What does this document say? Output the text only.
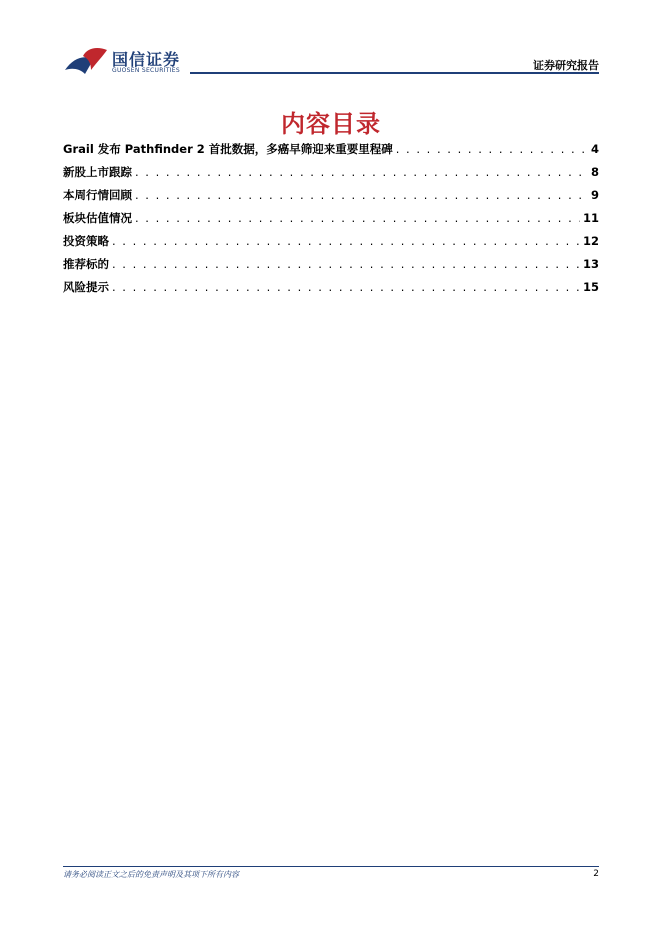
国信证券
GUOSEN SECURITIES	证券研究报告
内容目录
Grail 发布 Pathfinder 2 首批数据，多癌早筛迎来重要里程碑 . . .	4
新股上市跟踪 . . .	8
本周行情回顾 . . .	9
板块估值情况 . . .	11
投资策略 . . .	12
推荐标的 . . .	13
风险提示 . . .	15
请务必阅读正文之后的免责声明及其项下所有内容	2
